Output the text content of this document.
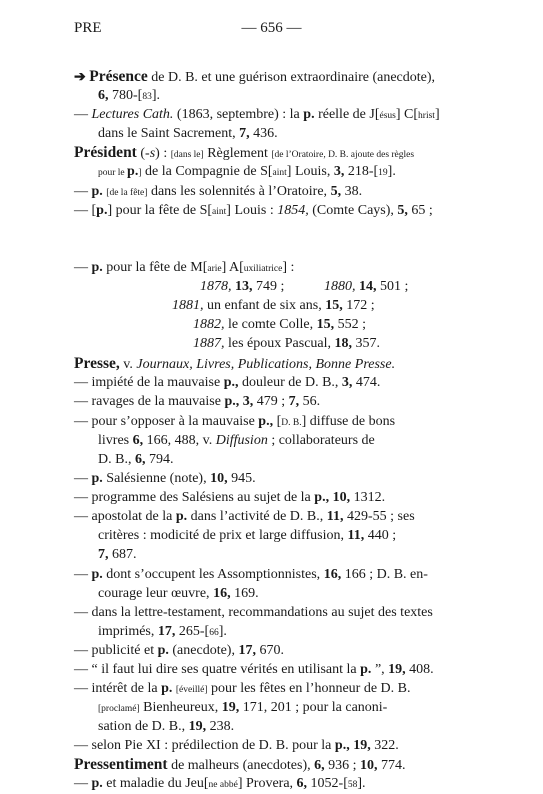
PRE	— 656 —
➔ Présence de D. B. et une guérison extraordinaire (anecdote),
6, 780-[83].
— Lectures Cath. (1863, septembre) : la p. réelle de J[ésus] C[hrist]
dans le Saint Sacrement, 7, 436.
Président (-s) : [dans le] Règlement [de l’Oratoire, D. B. ajoute des règles
pour le p.] de la Compagnie de S[aint] Louis, 3, 218-[19].
— p. [de la fête] dans les solennités à l’Oratoire, 5, 38.
— [p.] pour la fête de S[aint] Louis : 1854, (Comte Cays), 5, 65 ;
— p. pour la fête de M[arie] A[uxiliatrice] :
1878, 13, 749 ;	1880, 14, 501 ;
1881, un enfant de six ans, 15, 172 ;
1882, le comte Colle, 15, 552 ;
1887, les époux Pascual, 18, 357.
Presse, v. Journaux, Livres, Publications, Bonne Presse.
— impiété de la mauvaise p., douleur de D. B., 3, 474.
— ravages de la mauvaise p., 3, 479 ; 7, 56.
— pour s’opposer à la mauvaise p., [D. B.] diffuse de bons
livres 6, 166, 488, v. Diffusion ; collaborateurs de
D. B., 6, 794.
— p. Salésienne (note), 10, 945.
— programme des Salésiens au sujet de la p., 10, 1312.
— apostolat de la p. dans l’activité de D. B., 11, 429-55 ; ses
critères : modicité de prix et large diffusion, 11, 440 ;
7, 687.
— p. dont s’occupent les Assomptionnistes, 16, 166 ; D. B. en-
courage leur œuvre, 16, 169.
— dans la lettre-testament, recommandations au sujet des textes
imprimés, 17, 265-[66].
— publicité et p. (anecdote), 17, 670.
— “ il faut lui dire ses quatre vérités en utilisant la p. ”, 19, 408.
— intérêt de la p. [éveillé] pour les fêtes en l’honneur de D. B.
[proclamé] Bienheureux, 19, 171, 201 ; pour la canoni-
sation de D. B., 19, 238.
— selon Pie XI : prédilection de D. B. pour la p., 19, 322.
Pressentiment de malheurs (anecdotes), 6, 936 ; 10, 774.
— p. et maladie du Jeu[ne abbé] Provera, 6, 1052-[58].
